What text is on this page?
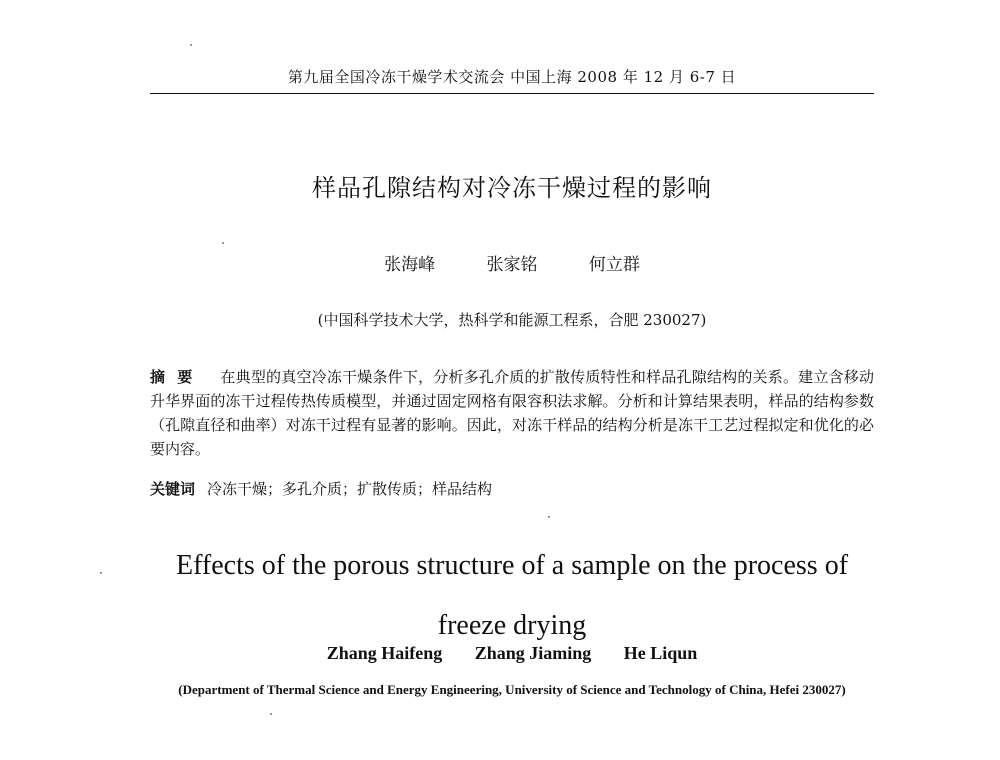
第九届全国冷冻干燥学术交流会 中国上海 2008 年 12 月 6-7 日
样品孔隙结构对冷冻干燥过程的影响
张海峰	张家铭	何立群
(中国科学技术大学，热科学和能源工程系，合肥 230027)
摘要 在典型的真空冷冻干燥条件下，分析多孔介质的扩散传质特性和样品孔隙结构的关系。建立含移动升华界面的冻干过程传热传质模型，并通过固定网格有限容积法求解。分析和计算结果表明，样品的结构参数（孔隙直径和曲率）对冻干过程有显著的影响。因此，对冻干样品的结构分析是冻干工艺过程拟定和优化的必要内容。
关键词 冷冻干燥；多孔介质；扩散传质；样品结构
Effects of the porous structure of a sample on the process of freeze drying
Zhang Haifeng Zhang Jiaming He Liqun
(Department of Thermal Science and Energy Engineering, University of Science and Technology of China, Hefei 230027)
